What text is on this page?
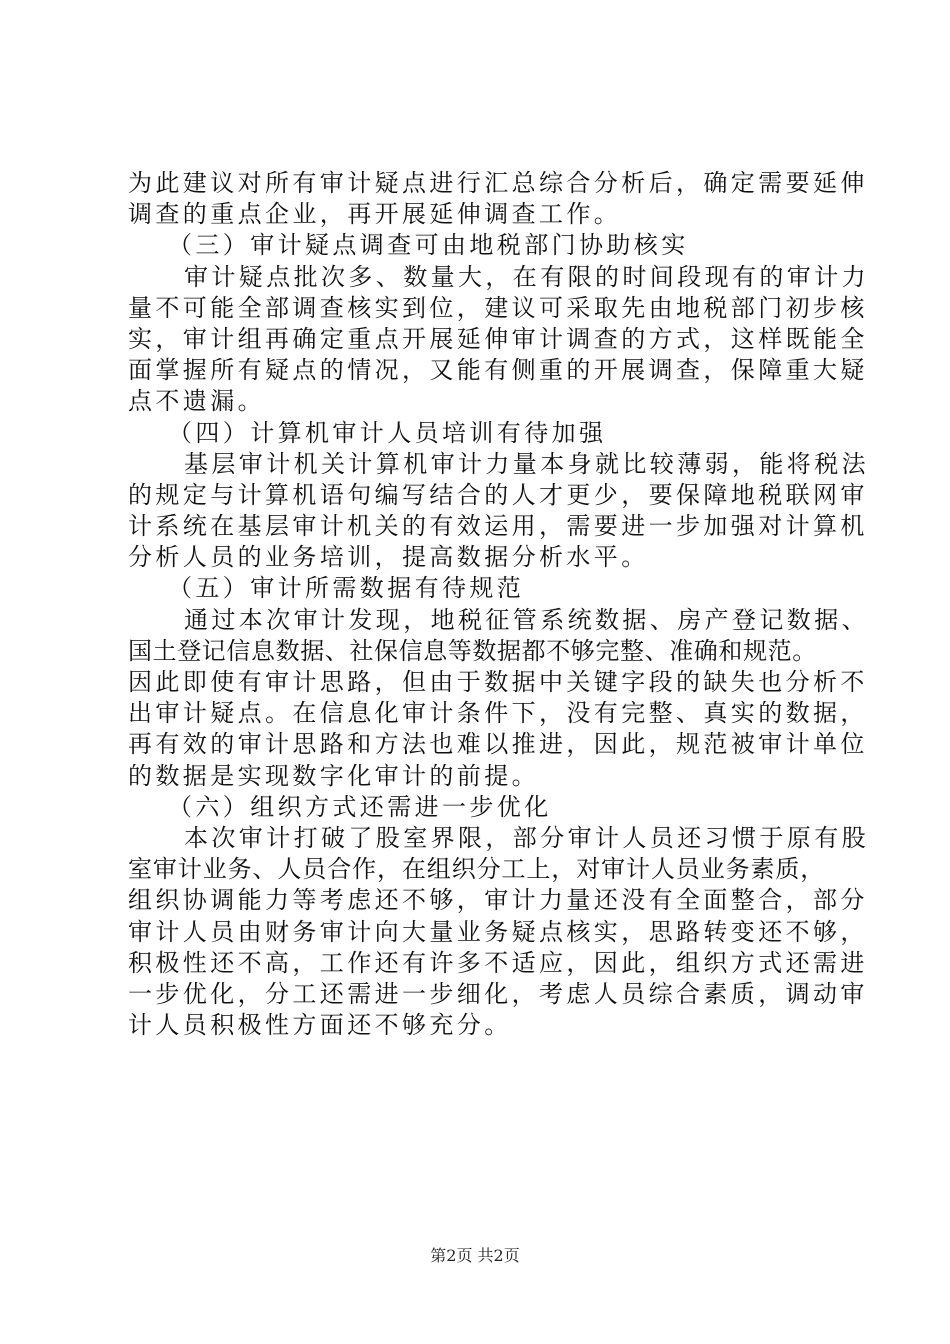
为此建议对所有审计疑点进行汇总综合分析后，确定需要延伸
调查的重点企业，再开展延伸调查工作。
（三）审计疑点调查可由地税部门协助核实
审计疑点批次多、数量大，在有限的时间段现有的审计力
量不可能全部调查核实到位，建议可采取先由地税部门初步核
实，审计组再确定重点开展延伸审计调查的方式，这样既能全
面掌握所有疑点的情况，又能有侧重的开展调查，保障重大疑
点不遗漏。
（四）计算机审计人员培训有待加强
基层审计机关计算机审计力量本身就比较薄弱，能将税法
的规定与计算机语句编写结合的人才更少，要保障地税联网审
计系统在基层审计机关的有效运用，需要进一步加强对计算机
分析人员的业务培训，提高数据分析水平。
（五）审计所需数据有待规范
通过本次审计发现，地税征管系统数据、房产登记数据、
国土登记信息数据、社保信息等数据都不够完整、准确和规范。
因此即使有审计思路，但由于数据中关键字段的缺失也分析不
出审计疑点。在信息化审计条件下，没有完整、真实的数据，
再有效的审计思路和方法也难以推进，因此，规范被审计单位
的数据是实现数字化审计的前提。
（六）组织方式还需进一步优化
本次审计打破了股室界限，部分审计人员还习惯于原有股
室审计业务、人员合作，在组织分工上，对审计人员业务素质，
组织协调能力等考虑还不够，审计力量还没有全面整合，部分
审计人员由财务审计向大量业务疑点核实，思路转变还不够，
积极性还不高，工作还有许多不适应，因此，组织方式还需进
一步优化，分工还需进一步细化，考虑人员综合素质，调动审
计人员积极性方面还不够充分。
第2页 共2页
